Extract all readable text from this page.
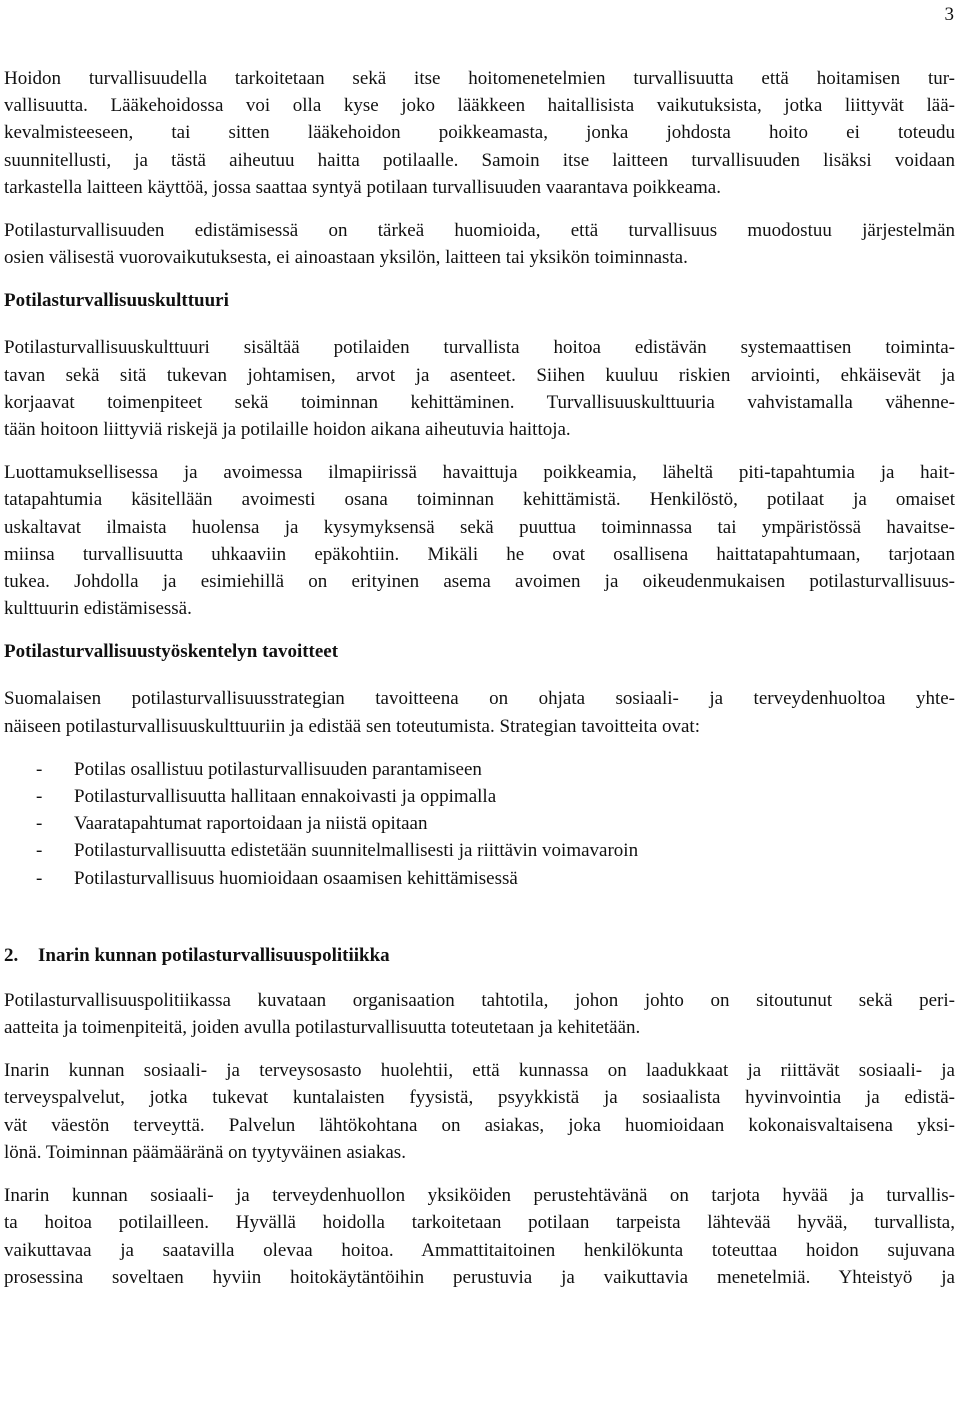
3

Hoidon turvallisuudella tarkoitetaan sekä itse hoitomenetelmien turvallisuutta että hoitamisen tur-
vallisuutta. Lääkehoidossa voi olla kyse joko lääkkeen haitallisista vaikutuksista, jotka liittyvät lää-
kevalmisteeseen, tai sitten lääkehoidon poikkeamasta, jonka johdosta hoito ei toteudu
suunnitellusti, ja tästä aiheutuu haitta potilaalle. Samoin itse laitteen turvallisuuden lisäksi voidaan
tarkastella laitteen käyttöä, jossa saattaa syntyä potilaan turvallisuuden vaarantava poikkeama.

Potilasturvallisuuden edistämisessä on tärkeä huomioida, että turvallisuus muodostuu järjestelmän
osien välisestä vuorovaikutuksesta, ei ainoastaan yksilön, laitteen tai yksikön toiminnasta.

Potilasturvallisuuskulttuuri

Potilasturvallisuuskulttuuri sisältää potilaiden turvallista hoitoa edistävän systemaattisen toiminta-
tavan sekä sitä tukevan johtamisen, arvot ja asenteet. Siihen kuuluu riskien arviointi, ehkäisevät ja
korjaavat toimenpiteet sekä toiminnan kehittäminen. Turvallisuuskulttuuria vahvistamalla vähenne-
tään hoitoon liittyviä riskejä ja potilaille hoidon aikana aiheutuvia haittoja.

Luottamuksellisessa ja avoimessa ilmapiirissä havaittuja poikkeamia, läheltä piti-tapahtumia ja hait-
tatapahtumia käsitellään avoimesti osana toiminnan kehittämistä. Henkilöstö, potilaat ja omaiset
uskaltavat ilmaista huolensa ja kysymyksensä sekä puuttua toiminnassa tai ympäristössä havaitse-
miinsa turvallisuutta uhkaaviin epäkohtiin. Mikäli he ovat osallisena haittatapahtumaan, tarjotaan
tukea. Johdolla ja esimiehillä on erityinen asema avoimen ja oikeudenmukaisen potilasturvallisuus-
kulttuurin edistämisessä.

Potilasturvallisuustyöskentelyn tavoitteet

Suomalaisen potilasturvallisuusstrategian tavoitteena on ohjata sosiaali- ja terveydenhuoltoa yhte-
näiseen potilasturvallisuuskulttuuriin ja edistää sen toteutumista. Strategian tavoitteita ovat:

- Potilas osallistuu potilasturvallisuuden parantamiseen
- Potilasturvallisuutta hallitaan ennakoivasti ja oppimalla
- Vaaratapahtumat raportoidaan ja niistä opitaan
- Potilasturvallisuutta edistetään suunnitelmallisesti ja riittävin voimavaroin
- Potilasturvallisuus huomioidaan osaamisen kehittämisessä
2. Inarin kunnan potilasturvallisuuspolitiikka

Potilasturvallisuuspolitiikassa kuvataan organisaation tahtotila, johon johto on sitoutunut sekä peri-
aatteita ja toimenpiteitä, joiden avulla potilasturvallisuutta toteutetaan ja kehitetään.

Inarin kunnan sosiaali- ja terveysosasto huolehtii, että kunnassa on laadukkaat ja riittävät sosiaali- ja
terveyspalvelut, jotka tukevat kuntalaisten fyysistä, psyykkistä ja sosiaalista hyvinvointia ja edistä-
vät väestön terveyttä. Palvelun lähtökohtana on asiakas, joka huomioidaan kokonaisvaltaisena yksi-
lönä. Toiminnan päämääränä on tyytyväinen asiakas.

Inarin kunnan sosiaali- ja terveydenhuollon yksiköiden perustehtävänä on tarjota hyvää ja turvallis-
ta hoitoa potilailleen. Hyvällä hoidolla tarkoitetaan potilaan tarpeista lähtevää hyvää, turvallista,
vaikuttavaa ja saatavilla olevaa hoitoa. Ammattitaitoinen henkilökunta toteuttaa hoidon sujuvana
prosessina soveltaen hyviin hoitokäytäntöihin perustuvia ja vaikuttavia menetelmiä. Yhteistyö ja
